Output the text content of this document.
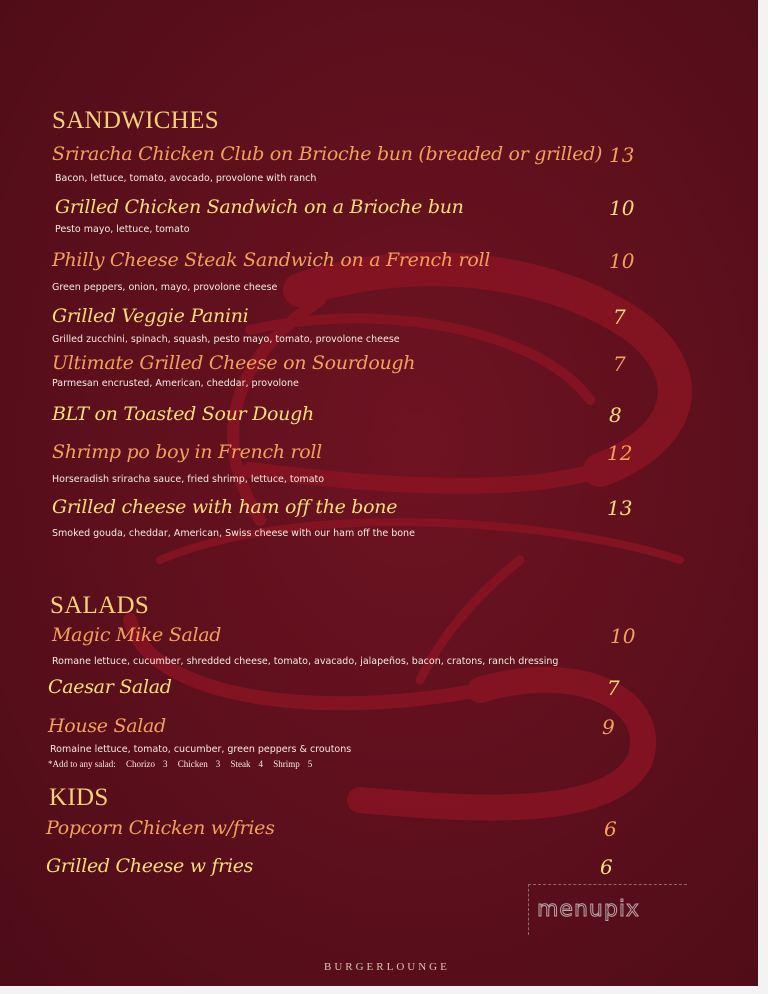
SANDWICHES
Sriracha Chicken Club on Brioche bun (breaded or grilled) 13
Bacon, lettuce, tomato, avocado, provolone with ranch
Grilled Chicken Sandwich on a Brioche bun	10
Pesto mayo, lettuce, tomato
Philly Cheese Steak Sandwich on a French roll	10
Green peppers, onion, mayo, provolone cheese
Grilled Veggie Panini	7
Grilled zucchini, spinach, squash, pesto mayo, tomato, provolone cheese
Ultimate Grilled Cheese on Sourdough	7
Parmesan encrusted, American, cheddar, provolone
BLT on Toasted Sour Dough	8
Shrimp po boy in French roll	12
Horseradish sriracha sauce, fried shrimp, lettuce, tomato
Grilled cheese with ham off the bone	13
Smoked gouda, cheddar, American, Swiss cheese with our ham off the bone
SALADS
Magic Mike Salad	10
Romane lettuce, cucumber, shredded cheese, tomato, avacado, jalapeños, bacon, cratons, ranch dressing
Caesar Salad	7
House Salad	9
Romaine lettuce, tomato, cucumber, green peppers & croutons
*Add to any salad: Chorizo 3 Chicken 3 Steak 4 Shrimp 5
KIDS
Popcorn Chicken w/fries	6
Grilled Cheese w fries	6
menupix
BURGERLOUNGE
